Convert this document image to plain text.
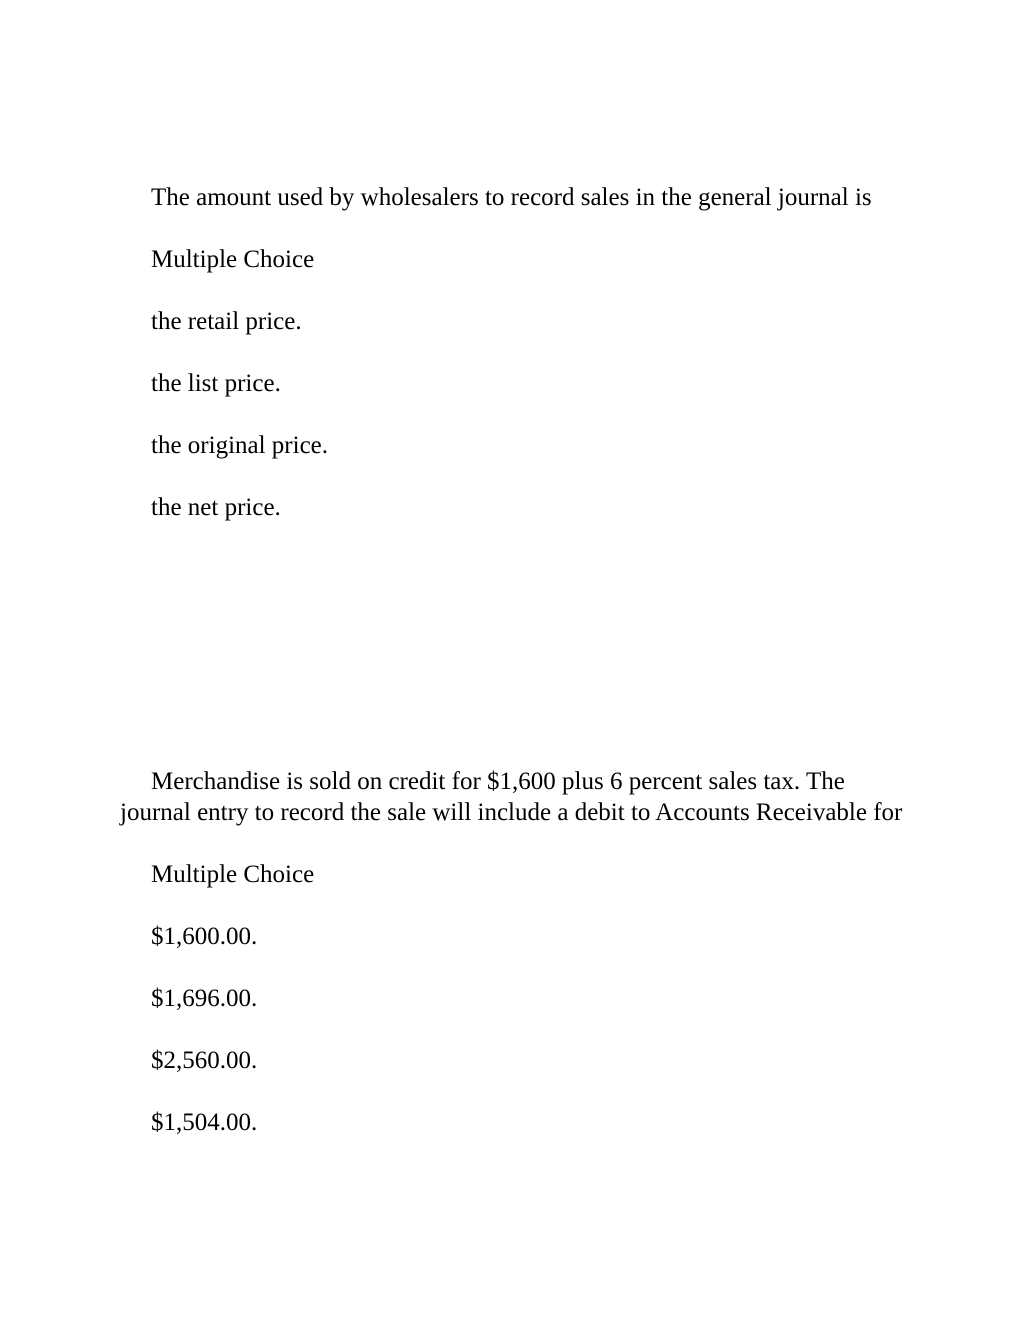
The amount used by wholesalers to record sales in the general journal is

Multiple Choice

the retail price.
the list price.
the original price.
the net price.

Merchandise is sold on credit for $1,600 plus 6 percent sales tax. The journal entry to record the sale will include a debit to Accounts Receivable for

Multiple Choice

$1,600.00.
$1,696.00.
$2,560.00.
$1,504.00.
